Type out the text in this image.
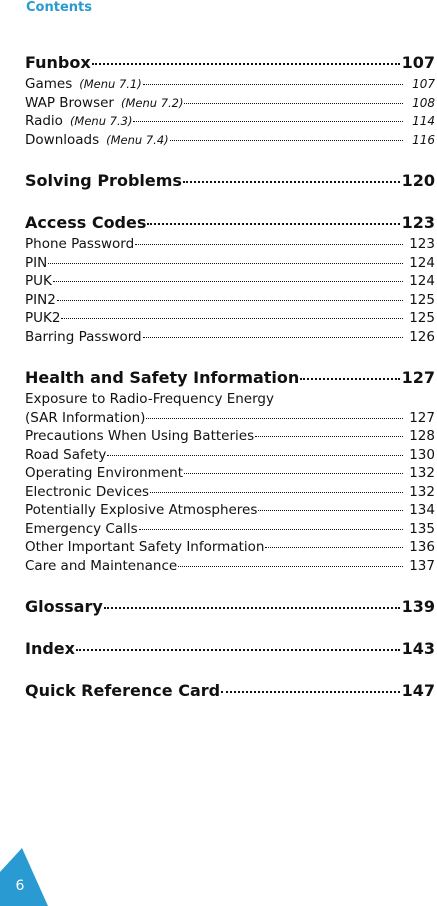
Contents
Funbox	107
Games (Menu 7.1)	107
WAP Browser (Menu 7.2)	108
Radio (Menu 7.3)	114
Downloads (Menu 7.4)	116
Solving Problems	120
Access Codes	123
Phone Password	123
PIN	124
PUK	124
PIN2	125
PUK2	125
Barring Password	126
Health and Safety Information	127
Exposure to Radio-Frequency Energy
(SAR Information)	127
Precautions When Using Batteries	128
Road Safety	130
Operating Environment	132
Electronic Devices	132
Potentially Explosive Atmospheres	134
Emergency Calls	135
Other Important Safety Information	136
Care and Maintenance	137
Glossary	139
Index	143
Quick Reference Card	147
6
